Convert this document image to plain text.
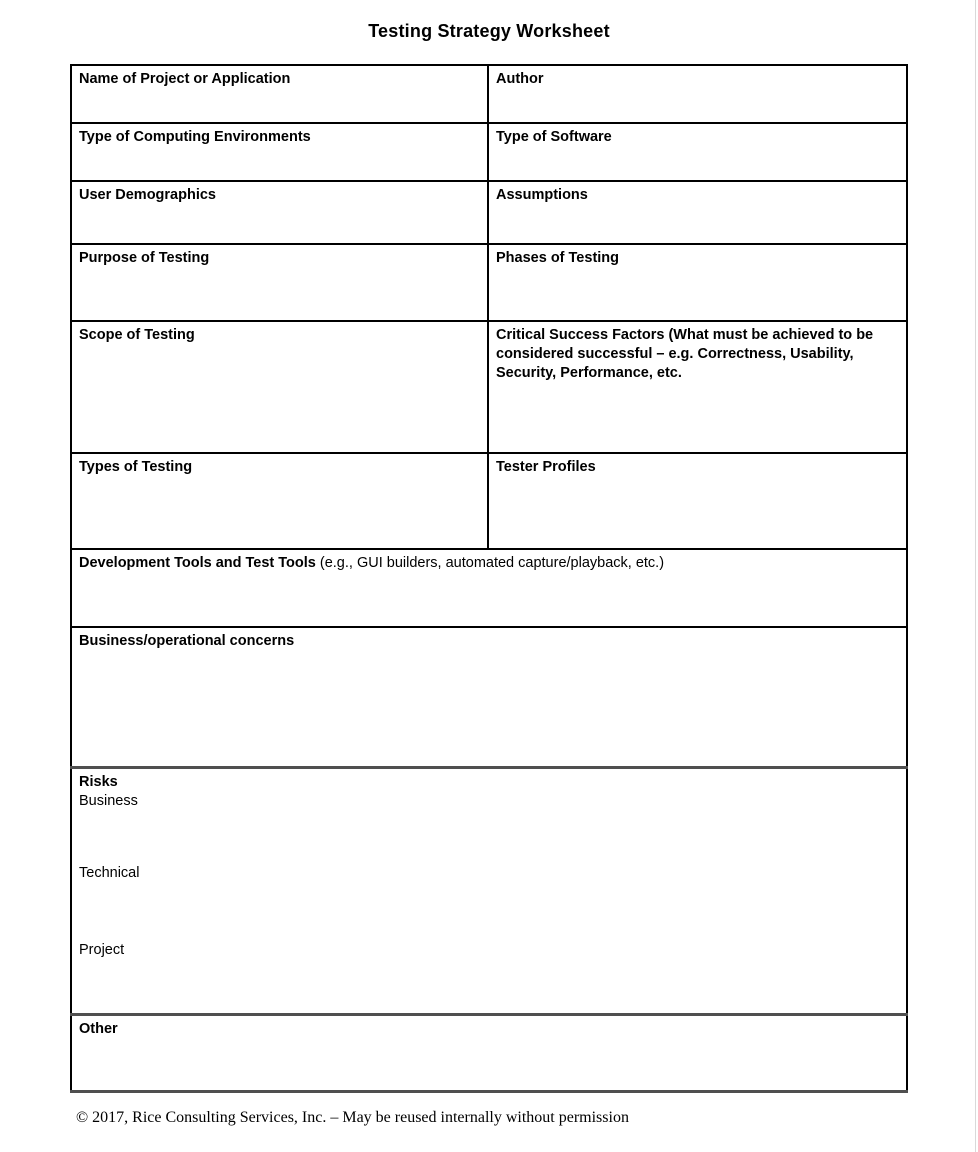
Testing Strategy Worksheet
Name of Project or Application	Author
Type of Computing Environments	Type of Software
User Demographics	Assumptions
Purpose of Testing	Phases of Testing
Scope of Testing	Critical Success Factors (What must be achieved to be considered successful – e.g. Correctness, Usability, Security, Performance, etc.
Types of Testing	Tester Profiles
Development Tools and Test Tools (e.g., GUI builders, automated capture/playback, etc.)	
Business/operational concerns	

Risks
Business
Technical
Project	

Other	
© 2017, Rice Consulting Services, Inc. – May be reused internally without permission
